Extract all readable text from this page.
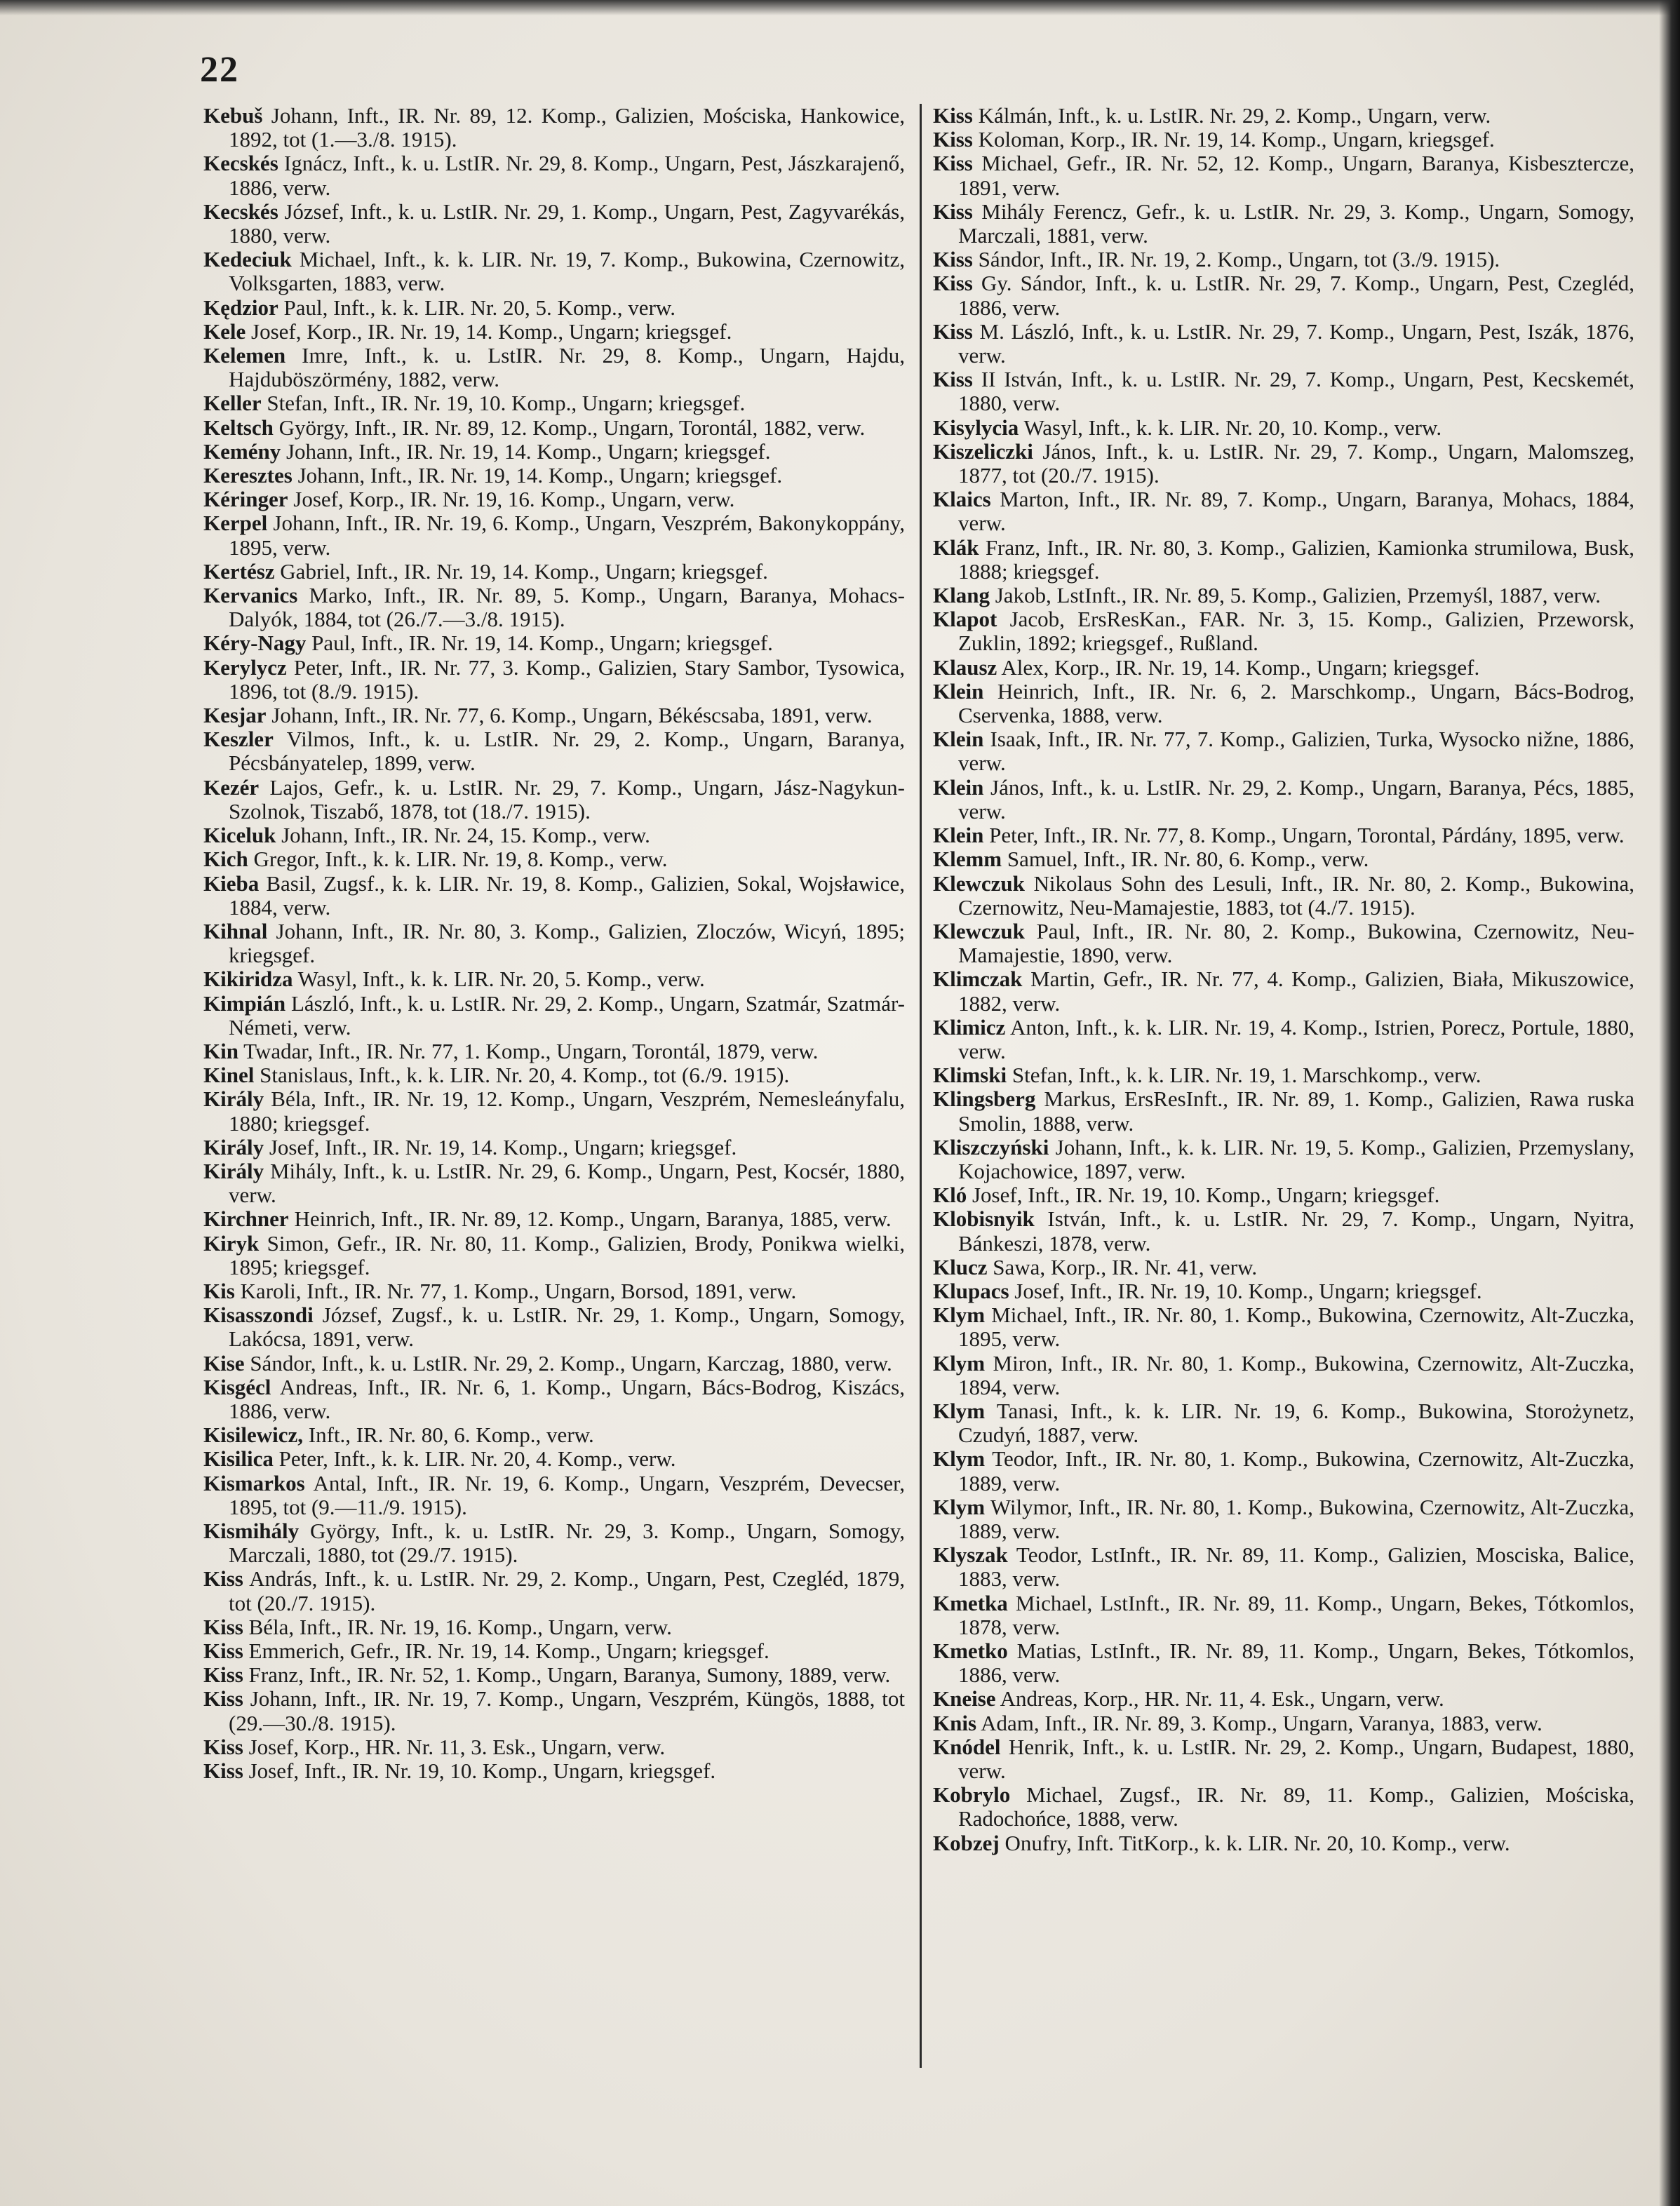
22
Kebuš Johann, Inft., IR. Nr. 89, 12. Komp., Galizien, Mościska, Hankowice, 1892, tot (1.—3./8. 1915).
Kecskés Ignácz, Inft., k. u. LstIR. Nr. 29, 8. Komp., Ungarn, Pest, Jászkarajenő, 1886, verw.
Kecskés József, Inft., k. u. LstIR. Nr. 29, 1. Komp., Ungarn, Pest, Zagyvarékás, 1880, verw.
Kedeciuk Michael, Inft., k. k. LIR. Nr. 19, 7. Komp., Bukowina, Czernowitz, Volksgarten, 1883, verw.
Kędzior Paul, Inft., k. k. LIR. Nr. 20, 5. Komp., verw.
Kele Josef, Korp., IR. Nr. 19, 14. Komp., Ungarn; kriegsgef.
Kelemen Imre, Inft., k. u. LstIR. Nr. 29, 8. Komp., Ungarn, Hajdu, Hajduböszörmény, 1882, verw.
Keller Stefan, Inft., IR. Nr. 19, 10. Komp., Ungarn; kriegsgef.
Keltsch György, Inft., IR. Nr. 89, 12. Komp., Ungarn, Torontál, 1882, verw.
Kemény Johann, Inft., IR. Nr. 19, 14. Komp., Ungarn; kriegsgef.
Keresztes Johann, Inft., IR. Nr. 19, 14. Komp., Ungarn; kriegsgef.
Kéringer Josef, Korp., IR. Nr. 19, 16. Komp., Ungarn, verw.
Kerpel Johann, Inft., IR. Nr. 19, 6. Komp., Ungarn, Veszprém, Bakonykoppány, 1895, verw.
Kertész Gabriel, Inft., IR. Nr. 19, 14. Komp., Ungarn; kriegsgef.
Kervanics Marko, Inft., IR. Nr. 89, 5. Komp., Ungarn, Baranya, Mohacs-Dalyók, 1884, tot (26./7.—3./8. 1915).
Kéry-Nagy Paul, Inft., IR. Nr. 19, 14. Komp., Ungarn; kriegsgef.
Kerylycz Peter, Inft., IR. Nr. 77, 3. Komp., Galizien, Stary Sambor, Tysowica, 1896, tot (8./9. 1915).
Kesjar Johann, Inft., IR. Nr. 77, 6. Komp., Ungarn, Békéscsaba, 1891, verw.
Keszler Vilmos, Inft., k. u. LstIR. Nr. 29, 2. Komp., Ungarn, Baranya, Pécsbányatelep, 1899, verw.
Kezér Lajos, Gefr., k. u. LstIR. Nr. 29, 7. Komp., Ungarn, Jász-Nagykun-Szolnok, Tiszabő, 1878, tot (18./7. 1915).
Kiceluk Johann, Inft., IR. Nr. 24, 15. Komp., verw.
Kich Gregor, Inft., k. k. LIR. Nr. 19, 8. Komp., verw.
Kieba Basil, Zugsf., k. k. LIR. Nr. 19, 8. Komp., Galizien, Sokal, Wojsławice, 1884, verw.
Kihnal Johann, Inft., IR. Nr. 80, 3. Komp., Galizien, Zloczów, Wicyń, 1895; kriegsgef.
Kikiridza Wasyl, Inft., k. k. LIR. Nr. 20, 5. Komp., verw.
Kimpián László, Inft., k. u. LstIR. Nr. 29, 2. Komp., Ungarn, Szatmár, Szatmár-Németi, verw.
Kin Twadar, Inft., IR. Nr. 77, 1. Komp., Ungarn, Torontál, 1879, verw.
Kinel Stanislaus, Inft., k. k. LIR. Nr. 20, 4. Komp., tot (6./9. 1915).
Király Béla, Inft., IR. Nr. 19, 12. Komp., Ungarn, Veszprém, Nemesleányfalu, 1880; kriegsgef.
Király Josef, Inft., IR. Nr. 19, 14. Komp., Ungarn; kriegsgef.
Király Mihály, Inft., k. u. LstIR. Nr. 29, 6. Komp., Ungarn, Pest, Kocsér, 1880, verw.
Kirchner Heinrich, Inft., IR. Nr. 89, 12. Komp., Ungarn, Baranya, 1885, verw.
Kiryk Simon, Gefr., IR. Nr. 80, 11. Komp., Galizien, Brody, Ponikwa wielki, 1895; kriegsgef.
Kis Karoli, Inft., IR. Nr. 77, 1. Komp., Ungarn, Borsod, 1891, verw.
Kisasszondi József, Zugsf., k. u. LstIR. Nr. 29, 1. Komp., Ungarn, Somogy, Lakócsa, 1891, verw.
Kise Sándor, Inft., k. u. LstIR. Nr. 29, 2. Komp., Ungarn, Karczag, 1880, verw.
Kisgécl Andreas, Inft., IR. Nr. 6, 1. Komp., Ungarn, Bács-Bodrog, Kiszács, 1886, verw.
Kisilewicz, Inft., IR. Nr. 80, 6. Komp., verw.
Kisilica Peter, Inft., k. k. LIR. Nr. 20, 4. Komp., verw.
Kismarkos Antal, Inft., IR. Nr. 19, 6. Komp., Ungarn, Veszprém, Devecser, 1895, tot (9.—11./9. 1915).
Kismihály György, Inft., k. u. LstIR. Nr. 29, 3. Komp., Ungarn, Somogy, Marczali, 1880, tot (29./7. 1915).
Kiss András, Inft., k. u. LstIR. Nr. 29, 2. Komp., Ungarn, Pest, Czegléd, 1879, tot (20./7. 1915).
Kiss Béla, Inft., IR. Nr. 19, 16. Komp., Ungarn, verw.
Kiss Emmerich, Gefr., IR. Nr. 19, 14. Komp., Ungarn; kriegsgef.
Kiss Franz, Inft., IR. Nr. 52, 1. Komp., Ungarn, Baranya, Sumony, 1889, verw.
Kiss Johann, Inft., IR. Nr. 19, 7. Komp., Ungarn, Veszprém, Küngös, 1888, tot (29.—30./8. 1915).
Kiss Josef, Korp., HR. Nr. 11, 3. Esk., Ungarn, verw.
Kiss Josef, Inft., IR. Nr. 19, 10. Komp., Ungarn, kriegsgef.
Kiss Kálmán, Inft., k. u. LstIR. Nr. 29, 2. Komp., Ungarn, verw.
Kiss Koloman, Korp., IR. Nr. 19, 14. Komp., Ungarn, kriegsgef.
Kiss Michael, Gefr., IR. Nr. 52, 12. Komp., Ungarn, Baranya, Kisbesztercze, 1891, verw.
Kiss Mihály Ferencz, Gefr., k. u. LstIR. Nr. 29, 3. Komp., Ungarn, Somogy, Marczali, 1881, verw.
Kiss Sándor, Inft., IR. Nr. 19, 2. Komp., Ungarn, tot (3./9. 1915).
Kiss Gy. Sándor, Inft., k. u. LstIR. Nr. 29, 7. Komp., Ungarn, Pest, Czegléd, 1886, verw.
Kiss M. László, Inft., k. u. LstIR. Nr. 29, 7. Komp., Ungarn, Pest, Iszák, 1876, verw.
Kiss II István, Inft., k. u. LstIR. Nr. 29, 7. Komp., Ungarn, Pest, Kecskemét, 1880, verw.
Kisylycia Wasyl, Inft., k. k. LIR. Nr. 20, 10. Komp., verw.
Kiszeliczki János, Inft., k. u. LstIR. Nr. 29, 7. Komp., Ungarn, Malomszeg, 1877, tot (20./7. 1915).
Klaics Marton, Inft., IR. Nr. 89, 7. Komp., Ungarn, Baranya, Mohacs, 1884, verw.
Klák Franz, Inft., IR. Nr. 80, 3. Komp., Galizien, Kamionka strumilowa, Busk, 1888; kriegsgef.
Klang Jakob, LstInft., IR. Nr. 89, 5. Komp., Galizien, Przemyśl, 1887, verw.
Klapot Jacob, ErsResKan., FAR. Nr. 3, 15. Komp., Galizien, Przeworsk, Zuklin, 1892; kriegsgef., Rußland.
Klausz Alex, Korp., IR. Nr. 19, 14. Komp., Ungarn; kriegsgef.
Klein Heinrich, Inft., IR. Nr. 6, 2. Marschkomp., Ungarn, Bács-Bodrog, Cservenka, 1888, verw.
Klein Isaak, Inft., IR. Nr. 77, 7. Komp., Galizien, Turka, Wysocko nižne, 1886, verw.
Klein János, Inft., k. u. LstIR. Nr. 29, 2. Komp., Ungarn, Baranya, Pécs, 1885, verw.
Klein Peter, Inft., IR. Nr. 77, 8. Komp., Ungarn, Torontal, Párdány, 1895, verw.
Klemm Samuel, Inft., IR. Nr. 80, 6. Komp., verw.
Klewczuk Nikolaus Sohn des Lesuli, Inft., IR. Nr. 80, 2. Komp., Bukowina, Czernowitz, Neu-Mamajestie, 1883, tot (4./7. 1915).
Klewczuk Paul, Inft., IR. Nr. 80, 2. Komp., Bukowina, Czernowitz, Neu-Mamajestie, 1890, verw.
Klimczak Martin, Gefr., IR. Nr. 77, 4. Komp., Galizien, Biała, Mikuszowice, 1882, verw.
Klimicz Anton, Inft., k. k. LIR. Nr. 19, 4. Komp., Istrien, Porecz, Portule, 1880, verw.
Klimski Stefan, Inft., k. k. LIR. Nr. 19, 1. Marschkomp., verw.
Klingsberg Markus, ErsResInft., IR. Nr. 89, 1. Komp., Galizien, Rawa ruska Smolin, 1888, verw.
Kliszczyński Johann, Inft., k. k. LIR. Nr. 19, 5. Komp., Galizien, Przemyslany, Kojachowice, 1897, verw.
Kló Josef, Inft., IR. Nr. 19, 10. Komp., Ungarn; kriegsgef.
Klobisnyik István, Inft., k. u. LstIR. Nr. 29, 7. Komp., Ungarn, Nyitra, Bánkeszi, 1878, verw.
Klucz Sawa, Korp., IR. Nr. 41, verw.
Klupacs Josef, Inft., IR. Nr. 19, 10. Komp., Ungarn; kriegsgef.
Klym Michael, Inft., IR. Nr. 80, 1. Komp., Bukowina, Czernowitz, Alt-Zuczka, 1895, verw.
Klym Miron, Inft., IR. Nr. 80, 1. Komp., Bukowina, Czernowitz, Alt-Zuczka, 1894, verw.
Klym Tanasi, Inft., k. k. LIR. Nr. 19, 6. Komp., Bukowina, Storożynetz, Czudyń, 1887, verw.
Klym Teodor, Inft., IR. Nr. 80, 1. Komp., Bukowina, Czernowitz, Alt-Zuczka, 1889, verw.
Klym Wilymor, Inft., IR. Nr. 80, 1. Komp., Bukowina, Czernowitz, Alt-Zuczka, 1889, verw.
Klyszak Teodor, LstInft., IR. Nr. 89, 11. Komp., Galizien, Mosciska, Balice, 1883, verw.
Kmetka Michael, LstInft., IR. Nr. 89, 11. Komp., Ungarn, Bekes, Tótkomlos, 1878, verw.
Kmetko Matias, LstInft., IR. Nr. 89, 11. Komp., Ungarn, Bekes, Tótkomlos, 1886, verw.
Kneise Andreas, Korp., HR. Nr. 11, 4. Esk., Ungarn, verw.
Knis Adam, Inft., IR. Nr. 89, 3. Komp., Ungarn, Varanya, 1883, verw.
Knódel Henrik, Inft., k. u. LstIR. Nr. 29, 2. Komp., Ungarn, Budapest, 1880, verw.
Kobrylo Michael, Zugsf., IR. Nr. 89, 11. Komp., Galizien, Mościska, Radochońce, 1888, verw.
Kobzej Onufry, Inft. TitKorp., k. k. LIR. Nr. 20, 10. Komp., verw.
